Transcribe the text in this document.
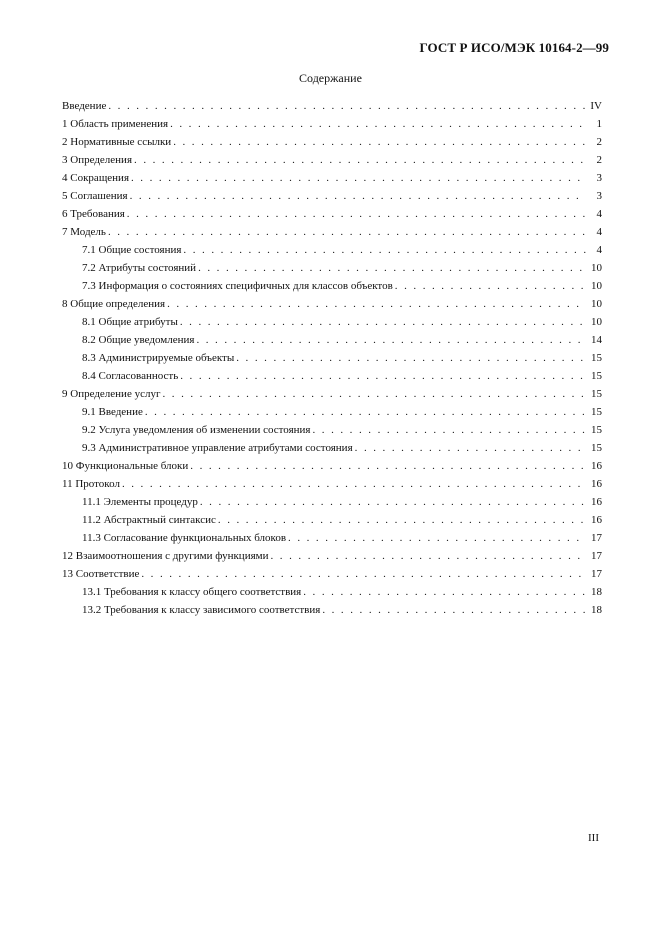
ГОСТ Р ИСО/МЭК 10164-2—99
Содержание
Введение . . .	IV
1 Область применения . . .	1
2 Нормативные ссылки . . .	2
3 Определения . . .	2
4 Сокращения . . .	3
5 Соглашения . . .	3
6 Требования . . .	4
7 Модель . . .	4
7.1 Общие состояния . . .	4
7.2 Атрибуты состояний . . .	10
7.3 Информация о состояниях специфичных для классов объектов . . .	10
8 Общие определения . . .	10
8.1 Общие атрибуты . . .	10
8.2 Общие уведомления . . .	14
8.3 Администрируемые объекты . . .	15
8.4 Согласованность . . .	15
9 Определение услуг . . .	15
9.1 Введение . . .	15
9.2 Услуга уведомления об изменении состояния . . .	15
9.3 Административное управление атрибутами состояния . . .	15
10 Функциональные блоки . . .	16
11 Протокол . . .	16
11.1 Элементы процедур . . .	16
11.2 Абстрактный синтаксис . . .	16
11.3 Согласование функциональных блоков . . .	17
12 Взаимоотношения с другими функциями . . .	17
13 Соответствие . . .	17
13.1 Требования к классу общего соответствия . . .	18
13.2 Требования к классу зависимого соответствия . . .	18
III
